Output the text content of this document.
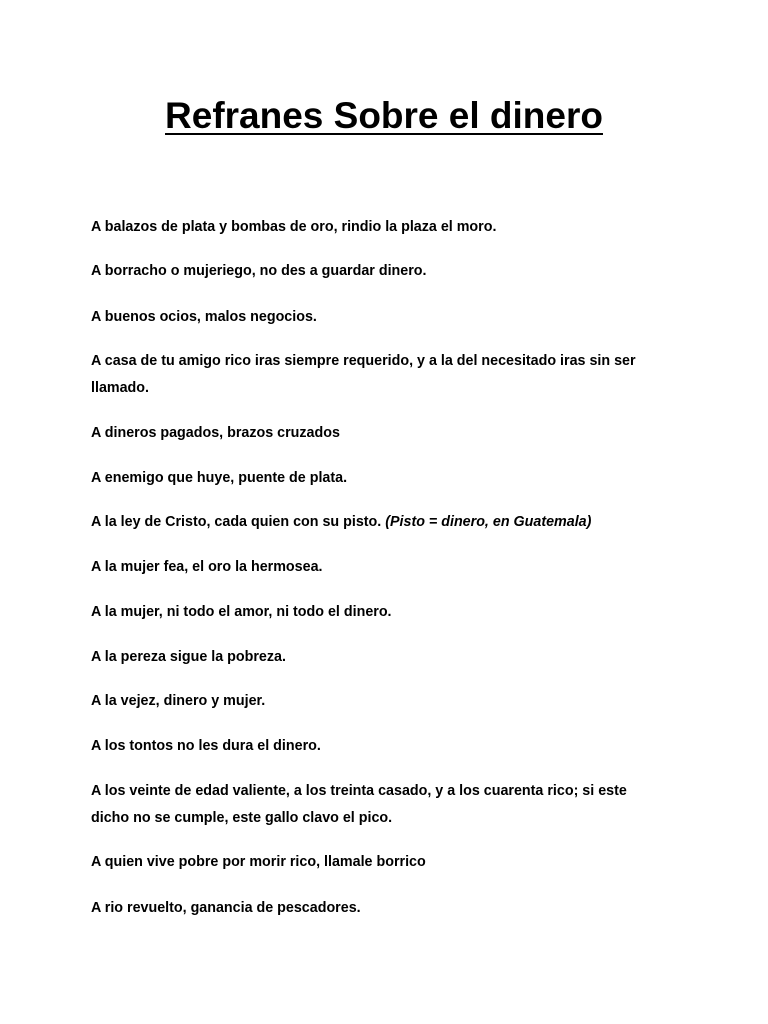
Refranes Sobre el dinero

A balazos de plata y bombas de oro, rindio la plaza el moro.

A borracho o mujeriego, no des a guardar dinero.

A buenos ocios, malos negocios.

A casa de tu amigo rico iras siempre requerido, y a la del necesitado iras sin ser
llamado.

A dineros pagados, brazos cruzados

A enemigo que huye, puente de plata.

A la ley de Cristo, cada quien con su pisto. (Pisto = dinero, en Guatemala)

A la mujer fea, el oro la hermosea.

A la mujer, ni todo el amor, ni todo el dinero.

A la pereza sigue la pobreza.

A la vejez, dinero y mujer.

A los tontos no les dura el dinero.

A los veinte de edad valiente, a los treinta casado, y a los cuarenta rico; si este
dicho no se cumple, este gallo clavo el pico.

A quien vive pobre por morir rico, llamale borrico

A rio revuelto, ganancia de pescadores.
